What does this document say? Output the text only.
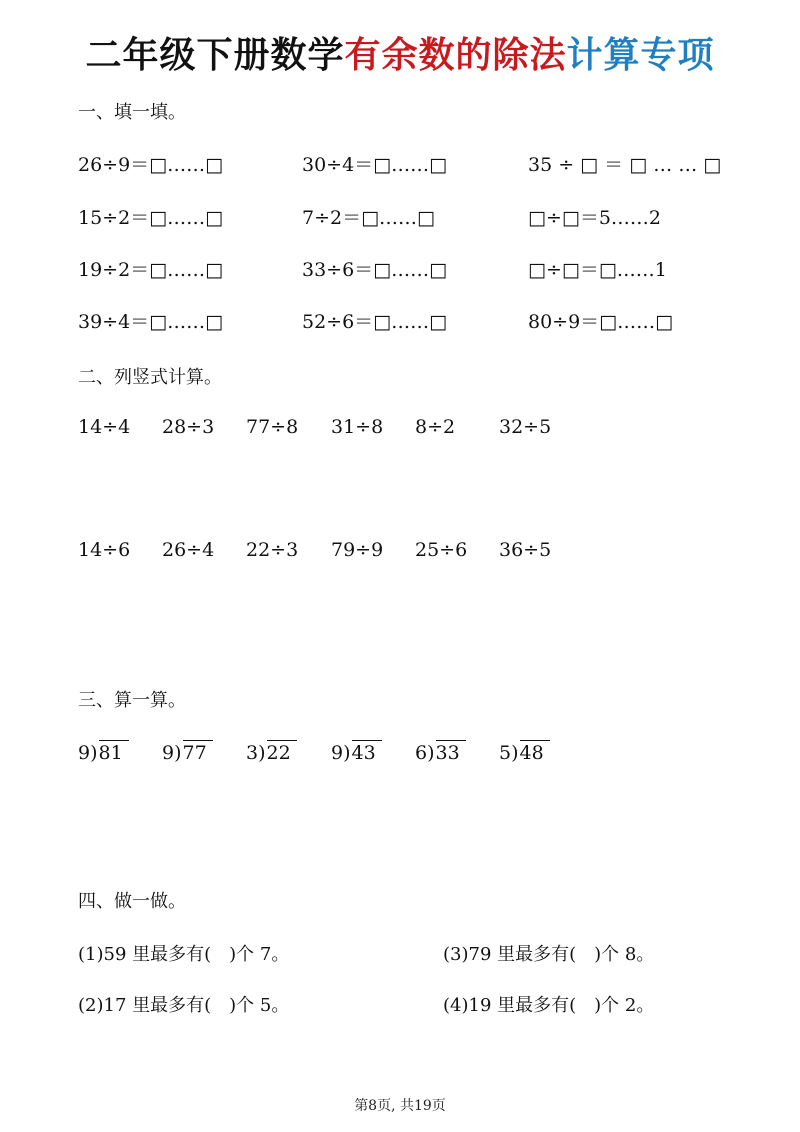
二年级下册数学有余数的除法计算专项
一、填一填。
26÷9＝□……□	30÷4＝□……□	35 ÷ □ ＝ □ … … □
15÷2＝□……□	7÷2＝□……□	□÷□＝5……2
19÷2＝□……□	33÷6＝□……□	□÷□＝□……1
39÷4＝□……□	52÷6＝□……□	80÷9＝□……□
二、列竖式计算。
14÷4 28÷3 77÷8 31÷8 8÷2 32÷5
14÷6 26÷4 22÷3 79÷9 25÷6 36÷5
三、算一算。
9)81	9)77	3)22	9)43	6)33	5)48
四、做一做。
(1)59 里最多有(　)个 7。	(3)79 里最多有(　)个 8。
(2)17 里最多有(　)个 5。	(4)19 里最多有(　)个 2。
第8页, 共19页
